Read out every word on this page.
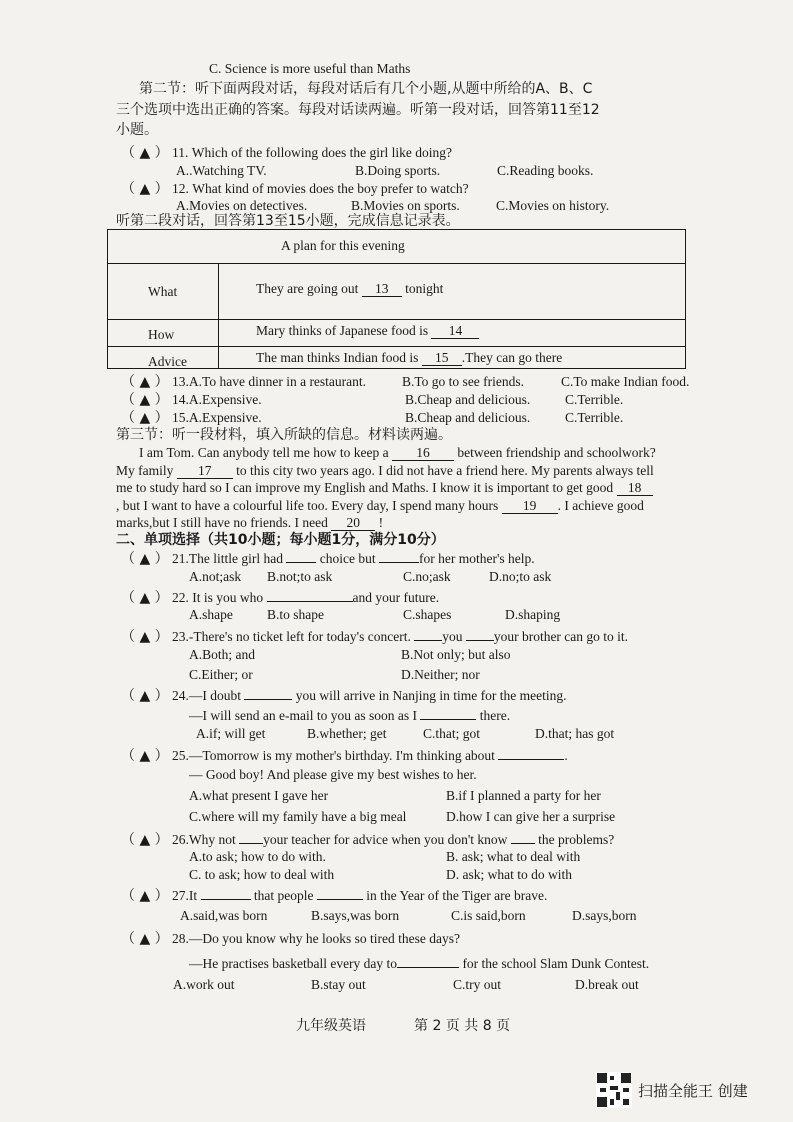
C. Science is more useful than Maths
第二节：听下面两段对话，每段对话后有几个小题,从题中所给的A、B、C
三个选项中选出正确的答案。每段对话读两遍。听第一段对话，回答第11至12
小题。
（ ▲ ） 11. Which of the following does the girl like doing?
A..Watching TV.	B.Doing sports.	C.Reading books.
（ ▲ ） 12. What kind of movies does the boy prefer to watch?
A.Movies on detectives.	B.Movies on sports.	C.Movies on history.
听第二段对话，回答第13至15小题，完成信息记录表。
A plan for this evening
What	They are going out 13 tonight
How	Mary thinks of Japanese food is 14
Advice	The man thinks Indian food is 15 .They can go there
（ ▲ ） 13.A.To have dinner in a restaurant.	B.To go to see friends.	C.To make Indian food.
（ ▲ ） 14.A.Expensive.	B.Cheap and delicious.	C.Terrible.
（ ▲ ） 15.A.Expensive.	B.Cheap and delicious.	C.Terrible.
第三节：听一段材料，填入所缺的信息。材料读两遍。
I am Tom. Can anybody tell me how to keep a 16 between friendship and schoolwork?
My family 17 to this city two years ago. I did not have a friend here. My parents always tell
me to study hard so I can improve my English and Maths. I know it is important to get good 18
, but I want to have a colourful life too. Every day, I spend many hours 19 . I achieve good
marks,but I still have no friends. I need 20 !
二、单项选择（共10小题；每小题1分，满分10分）
（ ▲ ） 21.The little girl had	choice but	for her mother's help.
A.not;ask B.not;to ask	C.no;ask	D.no;to ask
（ ▲ ） 22. It is you who	and your future.
A.shape	B.to shape	C.shapes	D.shaping
（ ▲ ） 23.-There's no ticket left for today's concert. you your brother can go to it.
A.Both; and	B.Not only; but also
C.Either; or	D.Neither; nor
（ ▲ ） 24.—I doubt	you will arrive in Nanjing in time for the meeting.
—I will send an e-mail to you as soon as I	there.
A.if; will get	B.whether; get	C.that; got	D.that; has got
（ ▲ ） 25.—Tomorrow is my mother's birthday. I'm thinking about	.
— Good boy! And please give my best wishes to her.
A.what present I gave her	B.if I planned a party for her
C.where will my family have a big meal	D.how I can give her a surprise
（ ▲ ） 26.Why not your teacher for advice when you don't know the problems?
A.to ask; how to do with.	B. ask; what to deal with
C. to ask; how to deal with	D. ask; what to do with
（ ▲ ） 27.It	that people	in the Year of the Tiger are brave.
A.said,was born	B.says,was born	C.is said,born	D.says,born
（ ▲ ） 28.—Do you know why he looks so tired these days?
—He practises basketball every day to	for the school Slam Dunk Contest.
A.work out	B.stay out	C.try out	D.break out
九年级英语	第 2 页 共 8 页
扫描全能王 创建
